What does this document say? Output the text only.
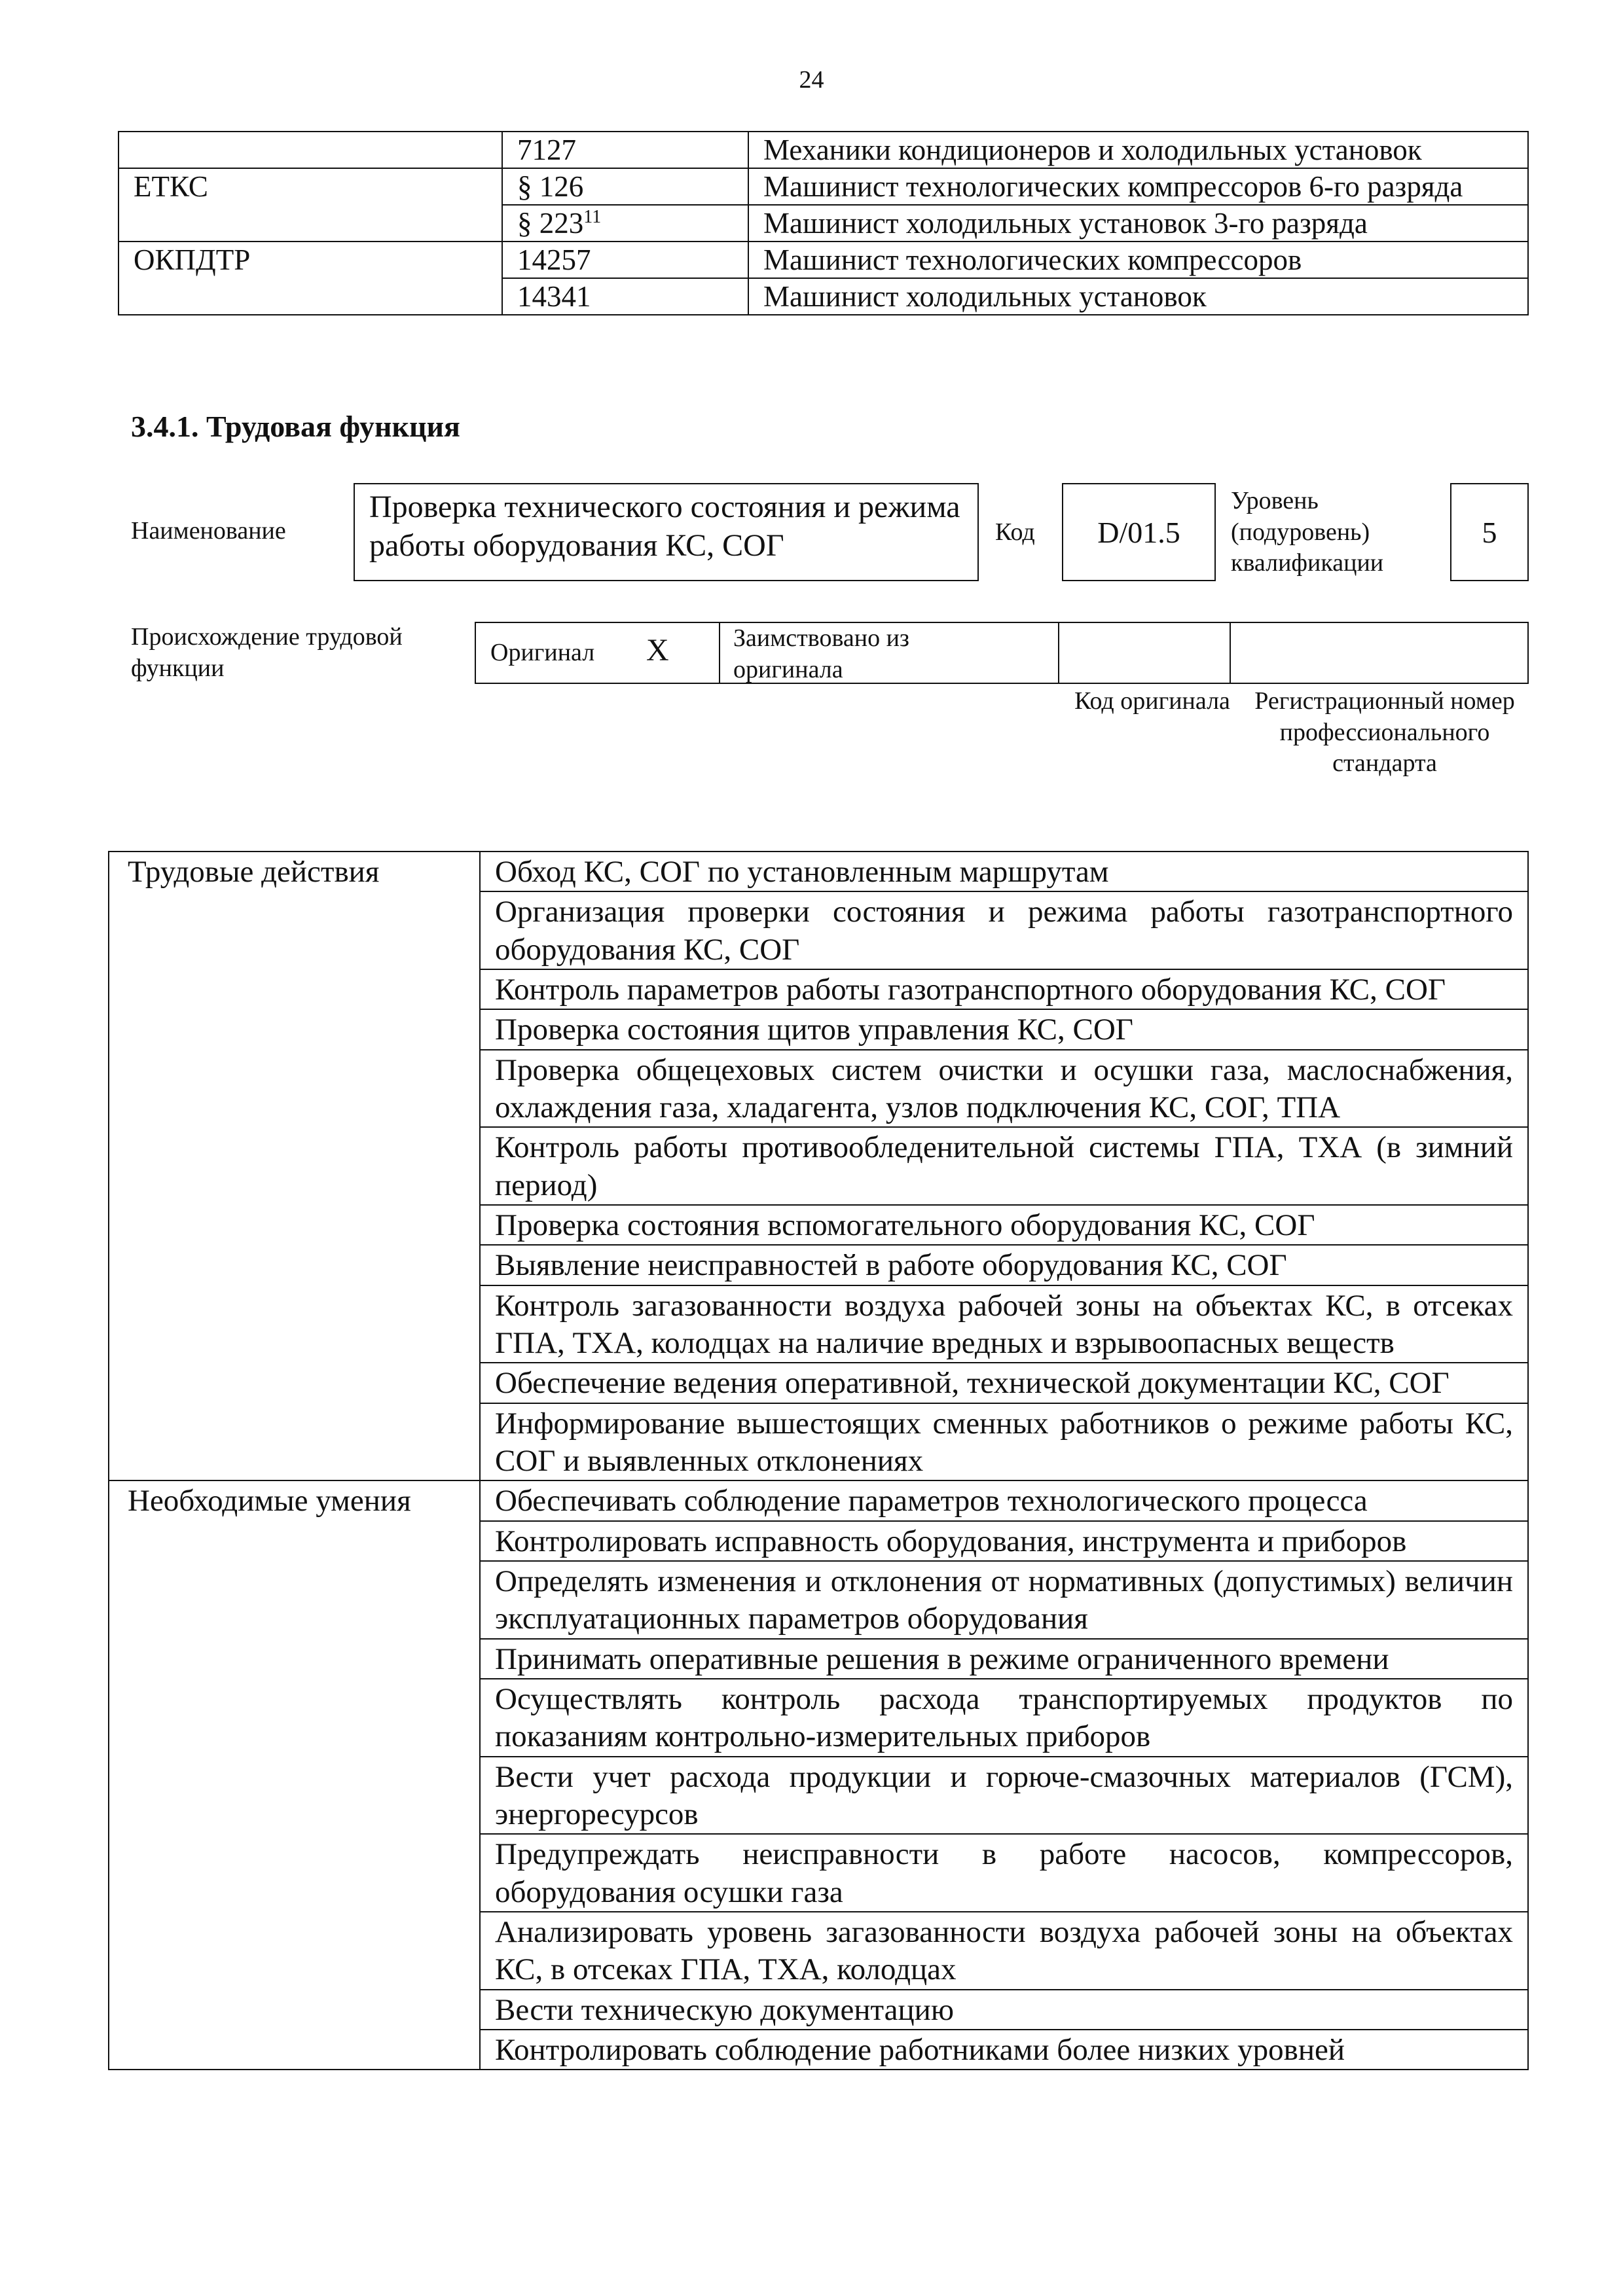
24
	7127	Механики кондиционеров и холодильных установок
ЕТКС	§ 126	Машинист технологических компрессоров 6-го разряда
	§ $223^{11}$	Машинист холодильных установок 3-го разряда
ОКПДТР	14257	Машинист технологических компрессоров
	14341	Машинист холодильных установок
3.4.1. Трудовая функция
Наименование
Проверка технического состояния и режима работы оборудования КС, СОГ	Код	D/01.5
Уровень (подуровень) квалификации
5
Происхождение трудовой функции
Оригинал X	Заимствовано из оригинала
Код оригинала Регистрационный номер профессионального стандарта
Трудовые действия	Обход КС, СОГ по установленным маршрутам
	Организация проверки состояния и режима работы газотранспортного оборудования КС, СОГ
	Контроль параметров работы газотранспортного оборудования КС, СОГ
	Проверка состояния щитов управления КС, СОГ
	Проверка общецеховых систем очистки и осушки газа, маслоснабжения, охлаждения газа, хладагента, узлов подключения КС, СОГ, ТПА
	Контроль работы противообледенительной системы ГПА, ТХА (в зимний период)
	Проверка состояния вспомогательного оборудования КС, СОГ
	Выявление неисправностей в работе оборудования КС, СОГ
	Контроль загазованности воздуха рабочей зоны на объектах КС, в отсеках ГПА, ТХА, колодцах на наличие вредных и взрывоопасных веществ
	Обеспечение ведения оперативной, технической документации КС, СОГ
	Информирование вышестоящих сменных работников о режиме работы КС, СОГ и выявленных отклонениях
Необходимые умения	Обеспечивать соблюдение параметров технологического процесса
	Контролировать исправность оборудования, инструмента и приборов
	Определять изменения и отклонения от нормативных (допустимых) величин эксплуатационных параметров оборудования
	Принимать оперативные решения в режиме ограниченного времени
	Осуществлять контроль расхода транспортируемых продуктов по показаниям контрольно-измерительных приборов
	Вести учет расхода продукции и горюче-смазочных материалов (ГСМ), энергоресурсов
	Предупреждать неисправности в работе насосов, компрессоров, оборудования осушки газа
	Анализировать уровень загазованности воздуха рабочей зоны на объектах КС, в отсеках ГПА, ТХА, колодцах
	Вести техническую документацию
	Контролировать соблюдение работниками более низких уровней
